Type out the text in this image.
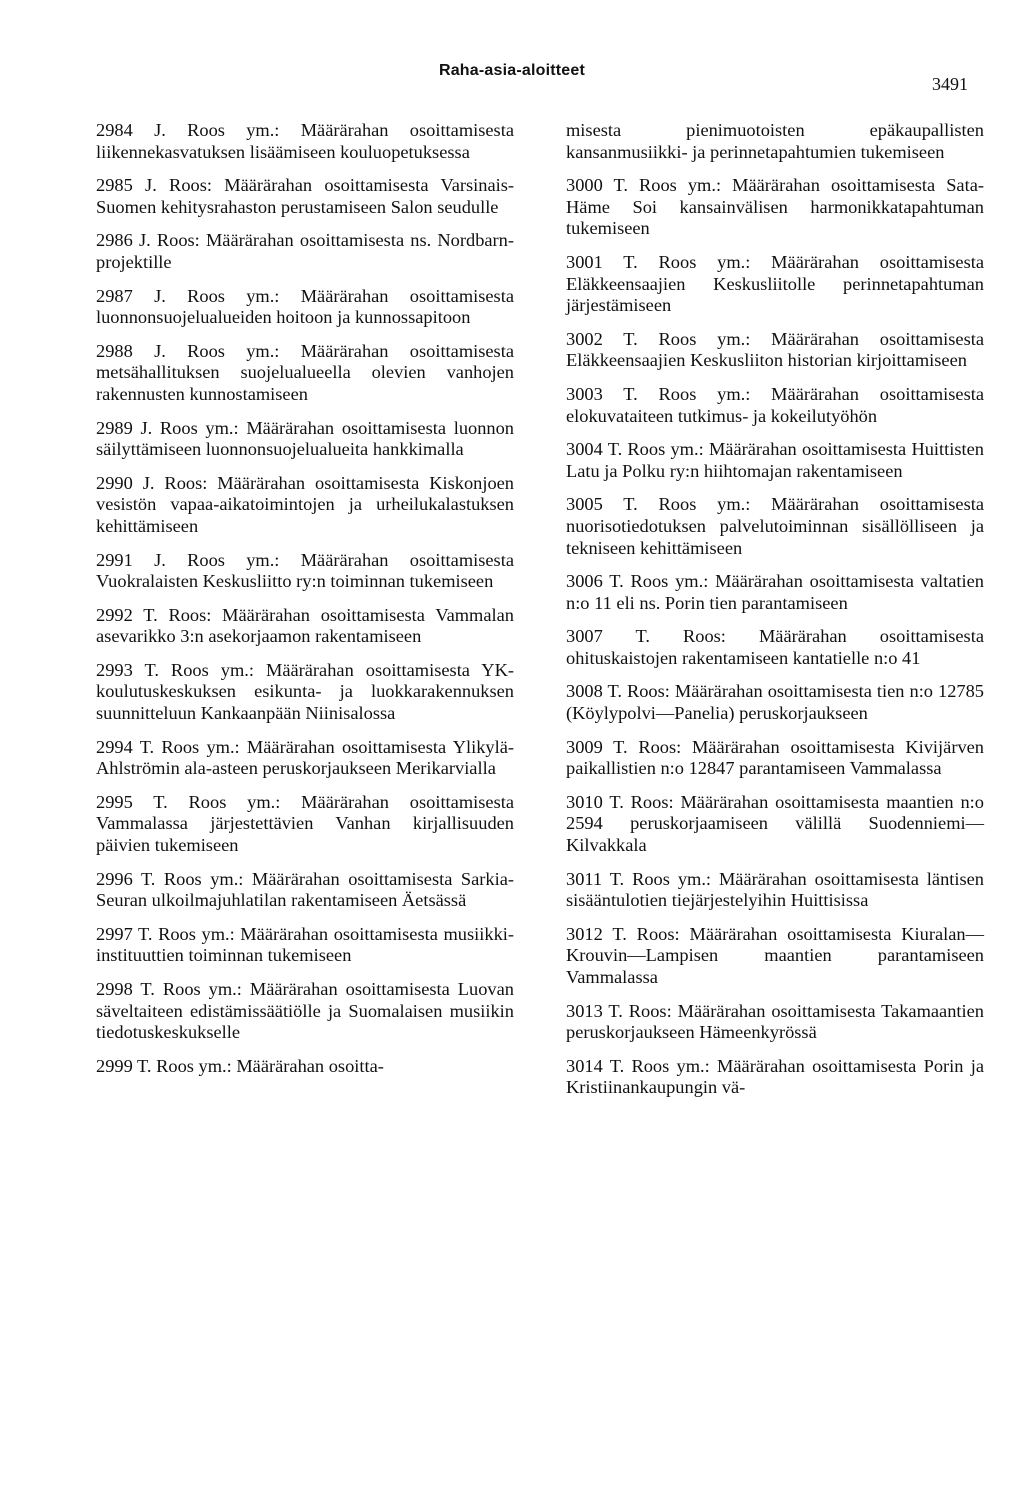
Raha-asia-aloitteet
3491

2984 J. Roos ym.: Määrärahan osoittamisesta liikennekasvatuksen lisäämiseen kouluopetuksessa

2985 J. Roos: Määrärahan osoittamisesta Varsinais-Suomen kehitysrahaston perustamiseen Salon seudulle

2986 J. Roos: Määrärahan osoittamisesta ns. Nordbarn-projektille

2987 J. Roos ym.: Määrärahan osoittamisesta luonnonsuojelualueiden hoitoon ja kunnossapitoon

2988 J. Roos ym.: Määrärahan osoittamisesta metsähallituksen suojelualueella olevien vanhojen rakennusten kunnostamiseen

2989 J. Roos ym.: Määrärahan osoittamisesta luonnon säilyttämiseen luonnonsuojelualueita hankkimalla

2990 J. Roos: Määrärahan osoittamisesta Kiskonjoen vesistön vapaa-aikatoimintojen ja urheilukalastuksen kehittämiseen

2991 J. Roos ym.: Määrärahan osoittamisesta Vuokralaisten Keskusliitto ry:n toiminnan tukemiseen

2992 T. Roos: Määrärahan osoittamisesta Vammalan asevarikko 3:n asekorjaamon rakentamiseen

2993 T. Roos ym.: Määrärahan osoittamisesta YK-koulutuskeskuksen esikunta- ja luokkarakennuksen suunnitteluun Kankaanpään Niinisalossa

2994 T. Roos ym.: Määrärahan osoittamisesta Ylikylä-Ahlströmin ala-asteen peruskorjaukseen Merikarvialla

2995 T. Roos ym.: Määrärahan osoittamisesta Vammalassa järjestettävien Vanhan kirjallisuuden päivien tukemiseen

2996 T. Roos ym.: Määrärahan osoittamisesta Sarkia-Seuran ulkoilmajuhlatilan rakentamiseen Äetsässä

2997 T. Roos ym.: Määrärahan osoittamisesta musiikki-instituuttien toiminnan tukemiseen

2998 T. Roos ym.: Määrärahan osoittamisesta Luovan säveltaiteen edistämissäätiölle ja Suomalaisen musiikin tiedotuskeskukselle

2999 T. Roos ym.: Määrärahan osoitta-

misesta pienimuotoisten epäkaupallisten kansanmusiikki- ja perinnetapahtumien tukemiseen

3000 T. Roos ym.: Määrärahan osoittamisesta Sata-Häme Soi kansainvälisen harmonikkatapahtuman tukemiseen

3001 T. Roos ym.: Määrärahan osoittamisesta Eläkkeensaajien Keskusliitolle perinnetapahtuman järjestämiseen

3002 T. Roos ym.: Määrärahan osoittamisesta Eläkkeensaajien Keskusliiton historian kirjoittamiseen

3003 T. Roos ym.: Määrärahan osoittamisesta elokuvataiteen tutkimus- ja kokeilutyöhön

3004 T. Roos ym.: Määrärahan osoittamisesta Huittisten Latu ja Polku ry:n hiihtomajan rakentamiseen

3005 T. Roos ym.: Määrärahan osoittamisesta nuorisotiedotuksen palvelutoiminnan sisällölliseen ja tekniseen kehittämiseen

3006 T. Roos ym.: Määrärahan osoittamisesta valtatien n:o 11 eli ns. Porin tien parantamiseen

3007 T. Roos: Määrärahan osoittamisesta ohituskaistojen rakentamiseen kantatielle n:o 41

3008 T. Roos: Määrärahan osoittamisesta tien n:o 12785 (Köylypolvi—Panelia) peruskorjaukseen

3009 T. Roos: Määrärahan osoittamisesta Kivijärven paikallistien n:o 12847 parantamiseen Vammalassa

3010 T. Roos: Määrärahan osoittamisesta maantien n:o 2594 peruskorjaamiseen välillä Suodenniemi—Kilvakkala

3011 T. Roos ym.: Määrärahan osoittamisesta läntisen sisääntulotien tiejärjestelyihin Huittisissa

3012 T. Roos: Määrärahan osoittamisesta Kiuralan—Krouvin—Lampisen maantien parantamiseen Vammalassa

3013 T. Roos: Määrärahan osoittamisesta Takamaantien peruskorjaukseen Hämeenkyrössä

3014 T. Roos ym.: Määrärahan osoittamisesta Porin ja Kristiinankaupungin vä-
